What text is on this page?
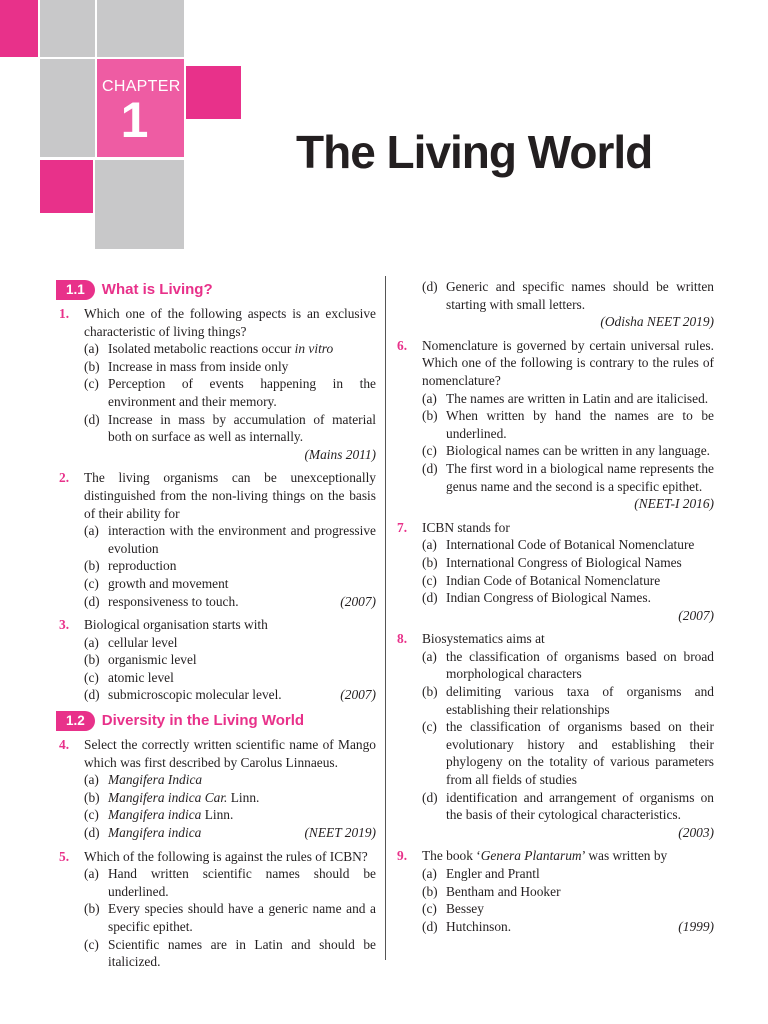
CHAPTER
1
The Living World
1.1	What is Living?
1. Which one of the following aspects is an exclusive characteristic of living things?
(a) Isolated metabolic reactions occur in vitro
(b) Increase in mass from inside only
(c) Perception of events happening in the environment and their memory.
(d) Increase in mass by accumulation of material both on surface as well as internally.
(Mains 2011)
2. The living organisms can be unexceptionally distinguished from the non-living things on the basis of their ability for
(a) interaction with the environment and progressive evolution
(b) reproduction
(c) growth and movement
(d) responsiveness to touch.	(2007)
3. Biological organisation starts with
(a) cellular level
(b) organismic level
(c) atomic level
(d) submicroscopic molecular level.	(2007)
1.2	Diversity in the Living World
4. Select the correctly written scientific name of Mango which was first described by Carolus Linnaeus.
(a) Mangifera Indica
(b) Mangifera indica Car. Linn.
(c) Mangifera indica Linn.
(d) Mangifera indica	(NEET 2019)
5. Which of the following is against the rules of ICBN?
(a) Hand written scientific names should be underlined.
(b) Every species should have a generic name and a specific epithet.
(c) Scientific names are in Latin and should be italicized.
(d) Generic and specific names should be written starting with small letters.
(Odisha NEET 2019)
6. Nomenclature is governed by certain universal rules. Which one of the following is contrary to the rules of nomenclature?
(a) The names are written in Latin and are italicised.
(b) When written by hand the names are to be underlined.
(c) Biological names can be written in any language.
(d) The first word in a biological name represents the genus name and the second is a specific epithet.
(NEET-I 2016)
7. ICBN stands for
(a) International Code of Botanical Nomenclature
(b) International Congress of Biological Names
(c) Indian Code of Botanical Nomenclature
(d) Indian Congress of Biological Names.
(2007)
8. Biosystematics aims at
(a) the classification of organisms based on broad morphological characters
(b) delimiting various taxa of organisms and establishing their relationships
(c) the classification of organisms based on their evolutionary history and establishing their phylogeny on the totality of various parameters from all fields of studies
(d) identification and arrangement of organisms on the basis of their cytological characteristics.
(2003)
9. The book ‘Genera Plantarum’ was written by
(a) Engler and Prantl
(b) Bentham and Hooker
(c) Bessey
(d) Hutchinson.	(1999)
